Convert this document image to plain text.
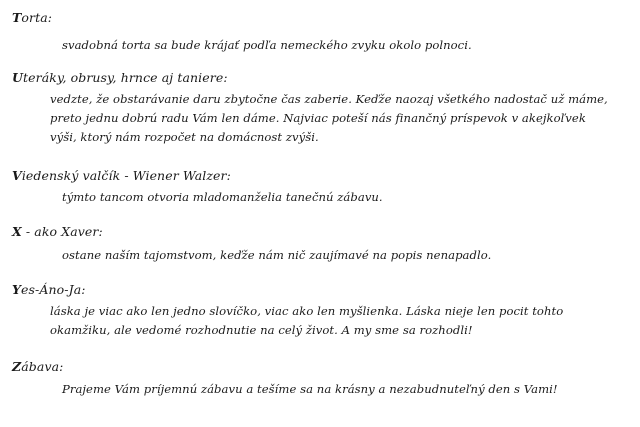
Torta:
svadobná torta sa bude krájať podľa nemeckého zvyku okolo polnoci.
Uteráky, obrusy, hrnce aj taniere:
vedzte, že obstarávanie daru zbytočne čas zaberie. Keďže naozaj všetkého nadostač už máme,
preto jednu dobrú radu Vám len dáme. Najviac poteší nás finančný príspevok v akejkoľvek
výši, ktorý nám rozpočet na domácnost zvýši.
Viedenský valčík - Wiener Walzer:
týmto tancom otvoria mladomanželia tanečnú zábavu.
X - ako Xaver:
ostane naším tajomstvom, keďže nám nič zaujímavé na popis nenapadlo.
Yes-Áno-Ja:
láska je viac ako len jedno slovíčko, viac ako len myšlienka. Láska nieje len pocit tohto
okamžiku, ale vedomé rozhodnutie na celý život. A my sme sa rozhodli!
Zábava:
Prajeme Vám príjemnú zábavu a tešíme sa na krásny a nezabudnuteľný den s Vami!
